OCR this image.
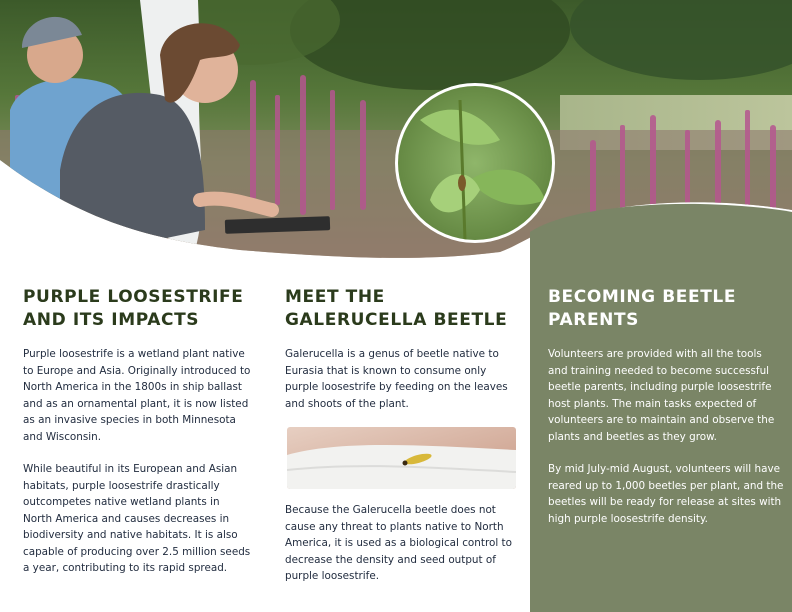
PURPLE LOOSESTRIFE
AND ITS IMPACTS

Purple loosestrife is a wetland plant native to Europe and Asia. Originally introduced to North America in the 1800s in ship ballast and as an ornamental plant, it is now listed as an invasive species in both Minnesota and Wisconsin.

While beautiful in its European and Asian habitats, purple loosestrife drastically outcompetes native wetland plants in North America and causes decreases in biodiversity and native habitats. It is also capable of producing over 2.5 million seeds a year, contributing to its rapid spread.

MEET THE
GALERUCELLA BEETLE

Galerucella is a genus of beetle native to Eurasia that is known to consume only purple loosestrife by feeding on the leaves and shoots of the plant.

Because the Galerucella beetle does not cause any threat to plants native to North America, it is used as a biological control to decrease the density and seed output of purple loosestrife.

BECOMING BEETLE
PARENTS

Volunteers are provided with all the tools and training needed to become successful beetle parents, including purple loosestrife host plants. The main tasks expected of volunteers are to maintain and observe the plants and beetles as they grow.

By mid July-mid August, volunteers will have reared up to 1,000 beetles per plant, and the beetles will be ready for release at sites with high purple loosestrife density.
